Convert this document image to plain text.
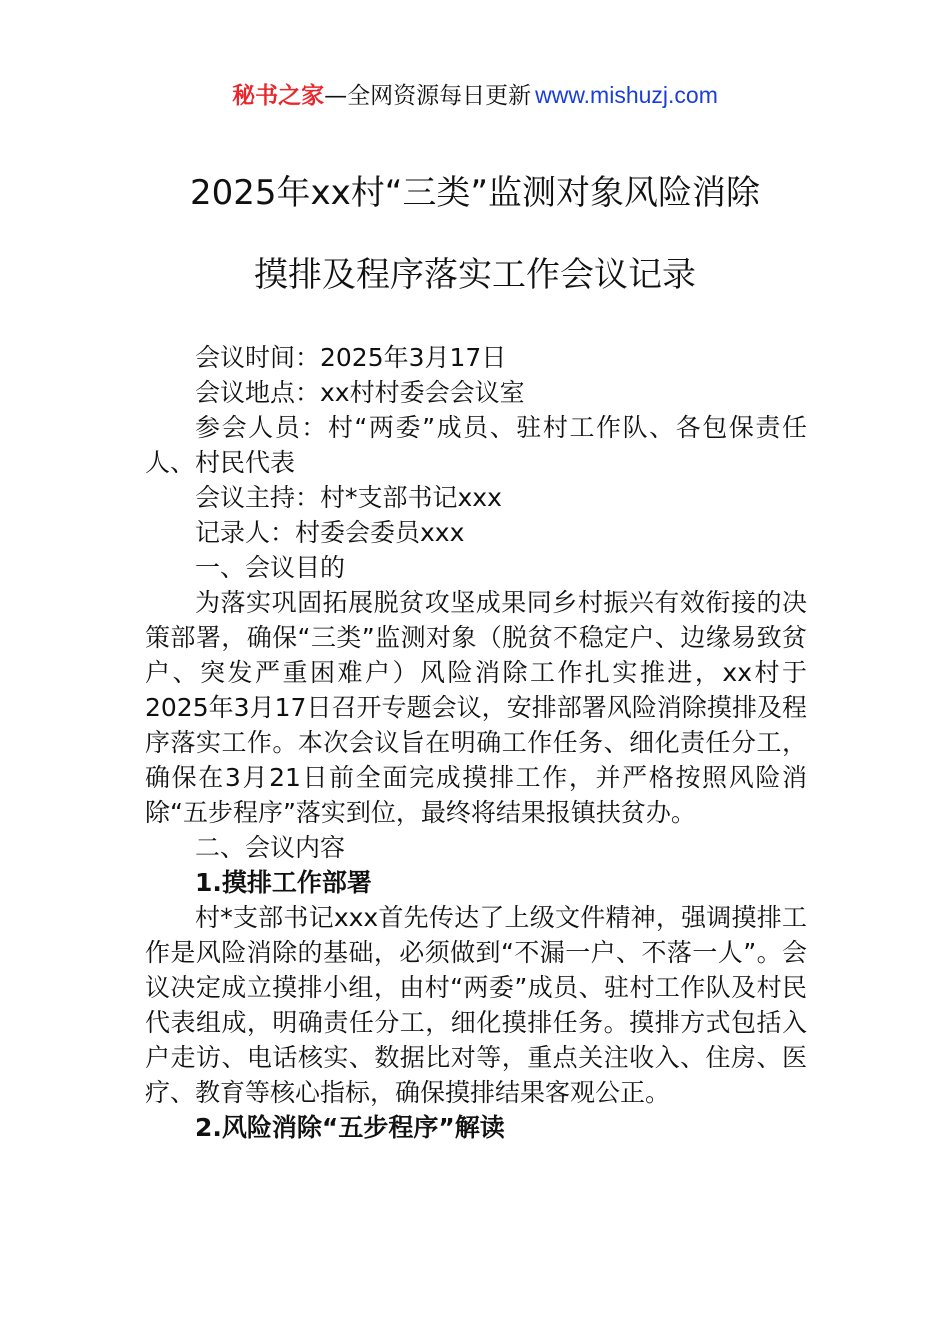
秘书之家—全网资源每日更新 www.mishuzj.com
2025年xx村“三类”监测对象风险消除
摸排及程序落实工作会议记录

会议时间：2025年3月17日

会议地点：xx村村委会会议室

参会人员：村“两委”成员、驻村工作队、各包保责任人、村民代表

会议主持：村*支部书记xxx

记录人：村委会委员xxx

一、会议目的

为落实巩固拓展脱贫攻坚成果同乡村振兴有效衔接的决策部署，确保“三类”监测对象（脱贫不稳定户、边缘易致贫户、突发严重困难户）风险消除工作扎实推进，xx村于2025年3月17日召开专题会议，安排部署风险消除摸排及程序落实工作。本次会议旨在明确工作任务、细化责任分工，确保在3月21日前全面完成摸排工作，并严格按照风险消除“五步程序”落实到位，最终将结果报镇扶贫办。

二、会议内容

1.摸排工作部署

村*支部书记xxx首先传达了上级文件精神，强调摸排工作是风险消除的基础，必须做到“不漏一户、不落一人”。会议决定成立摸排小组，由村“两委”成员、驻村工作队及村民代表组成，明确责任分工，细化摸排任务。摸排方式包括入户走访、电话核实、数据比对等，重点关注收入、住房、医疗、教育等核心指标，确保摸排结果客观公正。

2.风险消除“五步程序”解读
